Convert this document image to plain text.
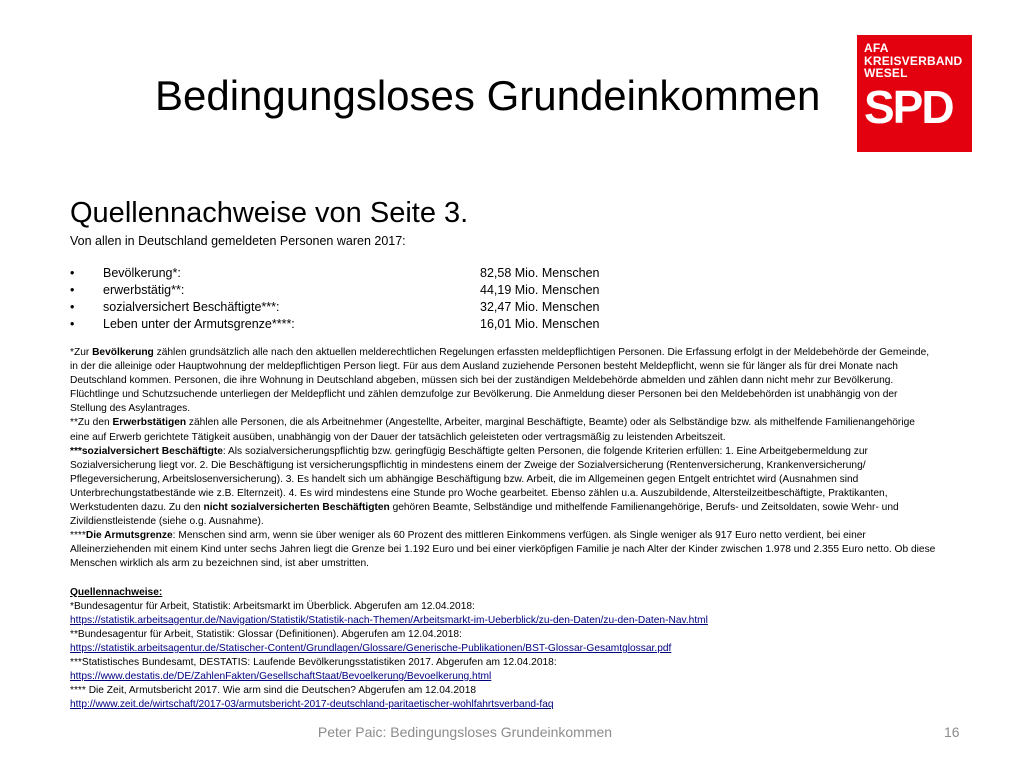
Bedingungsloses Grundeinkommen
AFA
KREISVERBAND
WESEL
SPD
Quellennachweise von Seite 3.
Von allen in Deutschland gemeldeten Personen waren 2017:
• Bevölkerung*:	82,58 Mio. Menschen
• erwerbstätig**:	44,19 Mio. Menschen
• sozialversichert Beschäftigte***:	32,47 Mio. Menschen
• Leben unter der Armutsgrenze****:	16,01 Mio. Menschen
*Zur Bevölkerung zählen grundsätzlich alle nach den aktuellen melderechtlichen Regelungen erfassten meldepflichtigen Personen. Die Erfassung erfolgt in der Meldebehörde der Gemeinde,
in der die alleinige oder Hauptwohnung der meldepflichtigen Person liegt. Für aus dem Ausland zuziehende Personen besteht Meldepflicht, wenn sie für länger als für drei Monate nach
Deutschland kommen. Personen, die ihre Wohnung in Deutschland abgeben, müssen sich bei der zuständigen Meldebehörde abmelden und zählen dann nicht mehr zur Bevölkerung.
Flüchtlinge und Schutzsuchende unterliegen der Meldepflicht und zählen demzufolge zur Bevölkerung. Die Anmeldung dieser Personen bei den Meldebehörden ist unabhängig von der
Stellung des Asylantrages.
**Zu den Erwerbstätigen zählen alle Personen, die als Arbeitnehmer (Angestellte, Arbeiter, marginal Beschäftigte, Beamte) oder als Selbständige bzw. als mithelfende Familienangehörige
eine auf Erwerb gerichtete Tätigkeit ausüben, unabhängig von der Dauer der tatsächlich geleisteten oder vertragsmäßig zu leistenden Arbeitszeit.
***sozialversichert Beschäftigte: Als sozialversicherungspflichtig bzw. geringfügig Beschäftigte gelten Personen, die folgende Kriterien erfüllen: 1. Eine Arbeitgebermeldung zur
Sozialversicherung liegt vor. 2. Die Beschäftigung ist versicherungspflichtig in mindestens einem der Zweige der Sozialversicherung (Rentenversicherung, Krankenversicherung/
Pflegeversicherung, Arbeitslosenversicherung). 3. Es handelt sich um abhängige Beschäftigung bzw. Arbeit, die im Allgemeinen gegen Entgelt entrichtet wird (Ausnahmen sind
Unterbrechungstatbestände wie z.B. Elternzeit). 4. Es wird mindestens eine Stunde pro Woche gearbeitet. Ebenso zählen u.a. Auszubildende, Altersteilzeitbeschäftigte, Praktikanten,
Werkstudenten dazu. Zu den nicht sozialversicherten Beschäftigten gehören Beamte, Selbständige und mithelfende Familienangehörige, Berufs- und Zeitsoldaten, sowie Wehr- und
Zivildienstleistende (siehe o.g. Ausnahme).
****Die Armutsgrenze: Menschen sind arm, wenn sie über weniger als 60 Prozent des mittleren Einkommens verfügen. als Single weniger als 917 Euro netto verdient, bei einer
Alleinerziehenden mit einem Kind unter sechs Jahren liegt die Grenze bei 1.192 Euro und bei einer vierköpfigen Familie je nach Alter der Kinder zwischen 1.978 und 2.355 Euro netto. Ob diese
Menschen wirklich als arm zu bezeichnen sind, ist aber umstritten.
Quellennachweise:
*Bundesagentur für Arbeit, Statistik: Arbeitsmarkt im Überblick. Abgerufen am 12.04.2018:
https://statistik.arbeitsagentur.de/Navigation/Statistik/Statistik-nach-Themen/Arbeitsmarkt-im-Ueberblick/zu-den-Daten/zu-den-Daten-Nav.html
**Bundesagentur für Arbeit, Statistik: Glossar (Definitionen). Abgerufen am 12.04.2018:
https://statistik.arbeitsagentur.de/Statischer-Content/Grundlagen/Glossare/Generische-Publikationen/BST-Glossar-Gesamtglossar.pdf
***Statistisches Bundesamt, DESTATIS: Laufende Bevölkerungsstatistiken 2017. Abgerufen am 12.04.2018:
https://www.destatis.de/DE/ZahlenFakten/GesellschaftStaat/Bevoelkerung/Bevoelkerung.html
**** Die Zeit, Armutsbericht 2017. Wie arm sind die Deutschen? Abgerufen am 12.04.2018
http://www.zeit.de/wirtschaft/2017-03/armutsbericht-2017-deutschland-paritaetischer-wohlfahrtsverband-faq
Peter Paic: Bedingungsloses Grundeinkommen	16
